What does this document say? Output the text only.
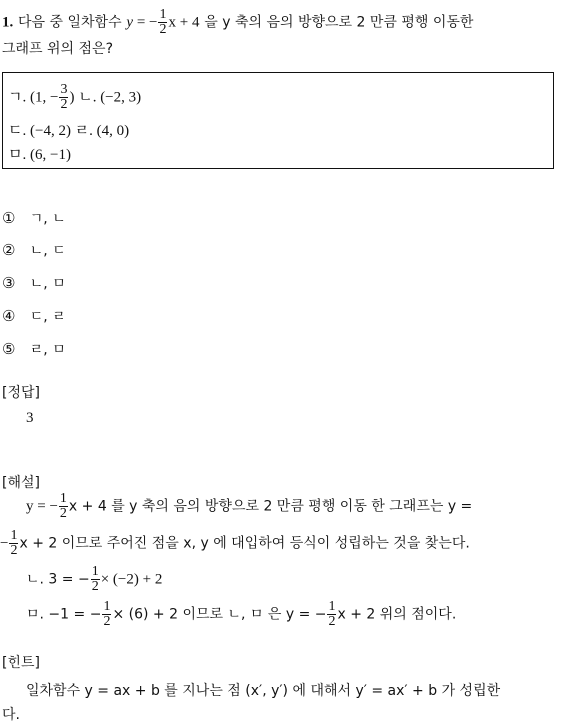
1. 다음 중 일차함수 y = − $\frac{1}{2}$ x + 4 을 y 축의 음의 방향으로 2 만큼 평행 이동한
그래프 위의 점은?
ㄱ. (1, − $\frac{3}{2}$ ) ㄴ. (−2, 3)
ㄷ. (−4, 2) ㄹ. (4, 0)
ㅁ. (6, −1)
① ㄱ, ㄴ
② ㄴ, ㄷ
③ ㄴ, ㅁ
④ ㄷ, ㄹ
⑤ ㄹ, ㅁ
[정답]
3
[해설]
y = − $\frac{1}{2}$ x + 4 를 y 축의 음의 방향으로 2 만큼 평행 이동 한 그래프는 y =
− $\frac{1}{2}$ x + 2 이므로 주어진 점을 x, y 에 대입하여 등식이 성립하는 것을 찾는다.
ㄴ. 3 = − $\frac{1}{2} \times (-2) + 2$
ㅁ. −1 = − $\frac{1}{2} \times (6) + 2$ 이므로 ㄴ, ㅁ 은 y = − $\frac{1}{2}$ x + 2 위의 점이다.
[힌트]
일차함수 y = ax + b 를 지나는 점 (x′, y′) 에 대해서 y′ = ax′ + b 가 성립한
다.
